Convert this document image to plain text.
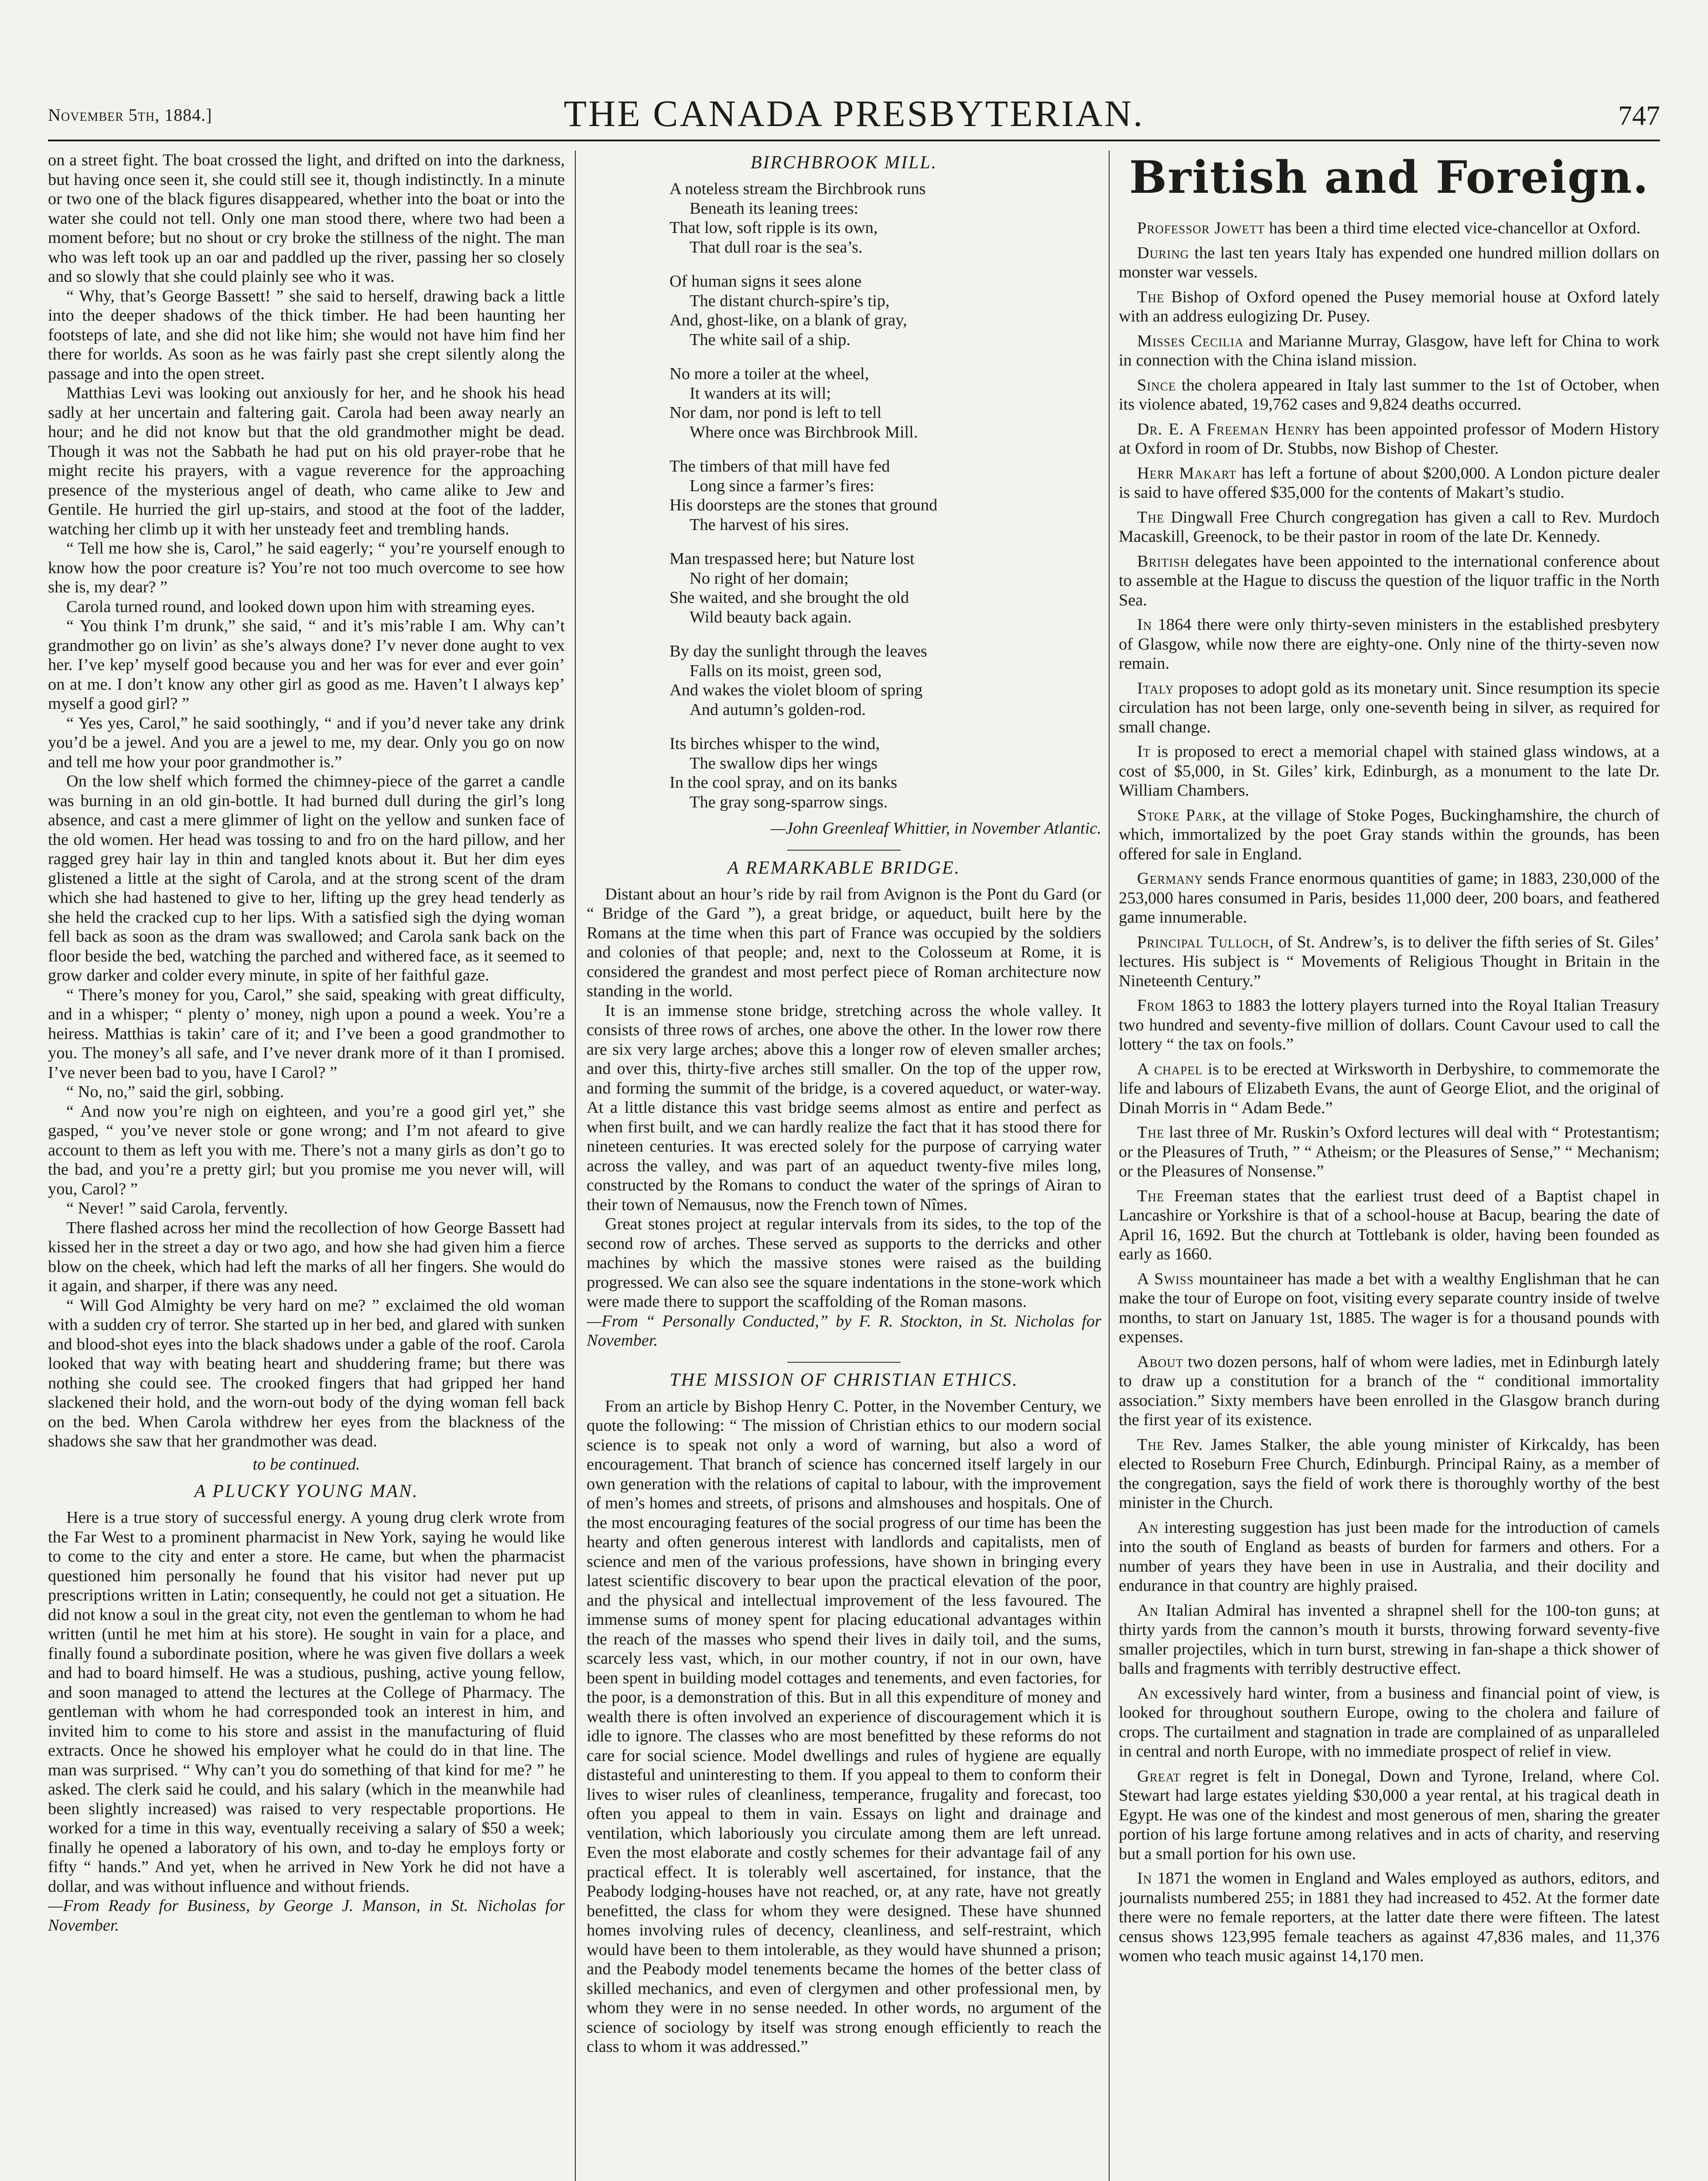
November 5th, 1884.]	THE CANADA PRESBYTERIAN.	747

on a street fight. The boat crossed the light, and drifted on into the darkness, but having once seen it, she could still see it, though indistinctly. In a minute or two one of the black figures disappeared, whether into the boat or into the water she could not tell. Only one man stood there, where two had been a moment before; but no shout or cry broke the stillness of the night. The man who was left took up an oar and paddled up the river, passing her so closely and so slowly that she could plainly see who it was.

“ Why, that’s George Bassett! ” she said to herself, drawing back a little into the deeper shadows of the thick timber. He had been haunting her footsteps of late, and she did not like him; she would not have him find her there for worlds. As soon as he was fairly past she crept silently along the passage and into the open street.

Matthias Levi was looking out anxiously for her, and he shook his head sadly at her uncertain and faltering gait. Carola had been away nearly an hour; and he did not know but that the old grandmother might be dead. Though it was not the Sabbath he had put on his old prayer-robe that he might recite his prayers, with a vague reverence for the approaching presence of the mysterious angel of death, who came alike to Jew and Gentile. He hurried the girl up-stairs, and stood at the foot of the ladder, watching her climb up it with her unsteady feet and trembling hands.

“ Tell me how she is, Carol,” he said eagerly; “ you’re yourself enough to know how the poor creature is? You’re not too much overcome to see how she is, my dear? ”

Carola turned round, and looked down upon him with streaming eyes.

“ You think I’m drunk,” she said, “ and it’s mis’rable I am. Why can’t grandmother go on livin’ as she’s always done? I’v never done aught to vex her. I’ve kep’ myself good because you and her was for ever and ever goin’ on at me. I don’t know any other girl as good as me. Haven’t I always kep’ myself a good girl? ”

“ Yes yes, Carol,” he said soothingly, “ and if you’d never take any drink you’d be a jewel. And you are a jewel to me, my dear. Only you go on now and tell me how your poor grandmother is.”

On the low shelf which formed the chimney-piece of the garret a candle was burning in an old gin-bottle. It had burned dull during the girl’s long absence, and cast a mere glimmer of light on the yellow and sunken face of the old women. Her head was tossing to and fro on the hard pillow, and her ragged grey hair lay in thin and tangled knots about it. But her dim eyes glistened a little at the sight of Carola, and at the strong scent of the dram which she had hastened to give to her, lifting up the grey head tenderly as she held the cracked cup to her lips. With a satisfied sigh the dying woman fell back as soon as the dram was swallowed; and Carola sank back on the floor beside the bed, watching the parched and withered face, as it seemed to grow darker and colder every minute, in spite of her faithful gaze.

“ There’s money for you, Carol,” she said, speaking with great difficulty, and in a whisper; “ plenty o’ money, nigh upon a pound a week. You’re a heiress. Matthias is takin’ care of it; and I’ve been a good grandmother to you. The money’s all safe, and I’ve never drank more of it than I promised. I’ve never been bad to you, have I Carol? ”

“ No, no,” said the girl, sobbing.

“ And now you’re nigh on eighteen, and you’re a good girl yet,” she gasped, “ you’ve never stole or gone wrong; and I’m not afeard to give account to them as left you with me. There’s not a many girls as don’t go to the bad, and you’re a pretty girl; but you promise me you never will, will you, Carol? ”

“ Never! ” said Carola, fervently.

There flashed across her mind the recollection of how George Bassett had kissed her in the street a day or two ago, and how she had given him a fierce blow on the cheek, which had left the marks of all her fingers. She would do it again, and sharper, if there was any need.

“ Will God Almighty be very hard on me? ” exclaimed the old woman with a sudden cry of terror. She started up in her bed, and glared with sunken and blood-shot eyes into the black shadows under a gable of the roof. Carola looked that way with beating heart and shuddering frame; but there was nothing she could see. The crooked fingers that had gripped her hand slackened their hold, and the worn-out body of the dying woman fell back on the bed. When Carola withdrew her eyes from the blackness of the shadows she saw that her grandmother was dead.

to be continued.
A PLUCKY YOUNG MAN.

Here is a true story of successful energy. A young drug clerk wrote from the Far West to a prominent pharmacist in New York, saying he would like to come to the city and enter a store. He came, but when the pharmacist questioned him personally he found that his visitor had never put up prescriptions written in Latin; consequently, he could not get a situation. He did not know a soul in the great city, not even the gentleman to whom he had written (until he met him at his store). He sought in vain for a place, and finally found a subordinate position, where he was given five dollars a week and had to board himself. He was a studious, pushing, active young fellow, and soon managed to attend the lectures at the College of Pharmacy. The gentleman with whom he had corresponded took an interest in him, and invited him to come to his store and assist in the manufacturing of fluid extracts. Once he showed his employer what he could do in that line. The man was surprised. “ Why can’t you do something of that kind for me? ” he asked. The clerk said he could, and his salary (which in the meanwhile had been slightly increased) was raised to very respectable proportions. He worked for a time in this way, eventually receiving a salary of $50 a week; finally he opened a laboratory of his own, and to-day he employs forty or fifty “ hands.” And yet, when he arrived in New York he did not have a dollar, and was without influence and without friends.

—From Ready for Business, by George J. Manson, in St. Nicholas for November.

BIRCHBROOK MILL.
A noteless stream the Birchbrook runs
Beneath its leaning trees:
That low, soft ripple is its own,
That dull roar is the sea’s.
Of human signs it sees alone
The distant church-spire’s tip,
And, ghost-like, on a blank of gray,
The white sail of a ship.
No more a toiler at the wheel,
It wanders at its will;
Nor dam, nor pond is left to tell
Where once was Birchbrook Mill.
The timbers of that mill have fed
Long since a farmer’s fires:
His doorsteps are the stones that ground
The harvest of his sires.
Man trespassed here; but Nature lost
No right of her domain;
She waited, and she brought the old
Wild beauty back again.
By day the sunlight through the leaves
Falls on its moist, green sod,
And wakes the violet bloom of spring
And autumn’s golden-rod.
Its birches whisper to the wind,
The swallow dips her wings
In the cool spray, and on its banks
The gray song-sparrow sings.
—John Greenleaf Whittier, in November Atlantic.
A REMARKABLE BRIDGE.

Distant about an hour’s ride by rail from Avignon is the Pont du Gard (or “ Bridge of the Gard ”), a great bridge, or aqueduct, built here by the Romans at the time when this part of France was occupied by the soldiers and colonies of that people; and, next to the Colosseum at Rome, it is considered the grandest and most perfect piece of Roman architecture now standing in the world.

It is an immense stone bridge, stretching across the whole valley. It consists of three rows of arches, one above the other. In the lower row there are six very large arches; above this a longer row of eleven smaller arches; and over this, thirty-five arches still smaller. On the top of the upper row, and forming the summit of the bridge, is a covered aqueduct, or water-way. At a little distance this vast bridge seems almost as entire and perfect as when first built, and we can hardly realize the fact that it has stood there for nineteen centuries. It was erected solely for the purpose of carrying water across the valley, and was part of an aqueduct twenty-five miles long, constructed by the Romans to conduct the water of the springs of Airan to their town of Nemausus, now the French town of Nîmes.

Great stones project at regular intervals from its sides, to the top of the second row of arches. These served as supports to the derricks and other machines by which the massive stones were raised as the building progressed. We can also see the square indentations in the stone-work which were made there to support the scaffolding of the Roman masons.

—From “ Personally Conducted,” by F. R. Stockton, in St. Nicholas for November.

THE MISSION OF CHRISTIAN ETHICS.

From an article by Bishop Henry C. Potter, in the November Century, we quote the following: “ The mission of Christian ethics to our modern social science is to speak not only a word of warning, but also a word of encouragement. That branch of science has concerned itself largely in our own generation with the relations of capital to labour, with the improvement of men’s homes and streets, of prisons and almshouses and hospitals. One of the most encouraging features of the social progress of our time has been the hearty and often generous interest with landlords and capitalists, men of science and men of the various professions, have shown in bringing every latest scientific discovery to bear upon the practical elevation of the poor, and the physical and intellectual improvement of the less favoured. The immense sums of money spent for placing educational advantages within the reach of the masses who spend their lives in daily toil, and the sums, scarcely less vast, which, in our mother country, if not in our own, have been spent in building model cottages and tenements, and even factories, for the poor, is a demonstration of this. But in all this expenditure of money and wealth there is often involved an experience of discouragement which it is idle to ignore. The classes who are most benefitted by these reforms do not care for social science. Model dwellings and rules of hygiene are equally distasteful and uninteresting to them. If you appeal to them to conform their lives to wiser rules of cleanliness, temperance, frugality and forecast, too often you appeal to them in vain. Essays on light and drainage and ventilation, which laboriously you circulate among them are left unread. Even the most elaborate and costly schemes for their advantage fail of any practical effect. It is tolerably well ascertained, for instance, that the Peabody lodging-houses have not reached, or, at any rate, have not greatly benefitted, the class for whom they were designed. These have shunned homes involving rules of decency, cleanliness, and self-restraint, which would have been to them intolerable, as they would have shunned a prison; and the Peabody model tenements became the homes of the better class of skilled mechanics, and even of clergymen and other professional men, by whom they were in no sense needed. In other words, no argument of the science of sociology by itself was strong enough efficiently to reach the class to whom it was addressed.”

British and Foreign.

Professor Jowett has been a third time elected vice-chancellor at Oxford.

During the last ten years Italy has expended one hundred million dollars on monster war vessels.

The Bishop of Oxford opened the Pusey memorial house at Oxford lately with an address eulogizing Dr. Pusey.

Misses Cecilia and Marianne Murray, Glasgow, have left for China to work in connection with the China island mission.

Since the cholera appeared in Italy last summer to the 1st of October, when its violence abated, 19,762 cases and 9,824 deaths occurred.

Dr. E. A Freeman Henry has been appointed professor of Modern History at Oxford in room of Dr. Stubbs, now Bishop of Chester.

Herr Makart has left a fortune of about $200,000. A London picture dealer is said to have offered $35,000 for the contents of Makart’s studio.

The Dingwall Free Church congregation has given a call to Rev. Murdoch Macaskill, Greenock, to be their pastor in room of the late Dr. Kennedy.

British delegates have been appointed to the international conference about to assemble at the Hague to discuss the question of the liquor traffic in the North Sea.

In 1864 there were only thirty-seven ministers in the established presbytery of Glasgow, while now there are eighty-one. Only nine of the thirty-seven now remain.

Italy proposes to adopt gold as its monetary unit. Since resumption its specie circulation has not been large, only one-seventh being in silver, as required for small change.

It is proposed to erect a memorial chapel with stained glass windows, at a cost of $5,000, in St. Giles’ kirk, Edinburgh, as a monument to the late Dr. William Chambers.

Stoke Park, at the village of Stoke Poges, Buckinghamshire, the church of which, immortalized by the poet Gray stands within the grounds, has been offered for sale in England.

Germany sends France enormous quantities of game; in 1883, 230,000 of the 253,000 hares consumed in Paris, besides 11,000 deer, 200 boars, and feathered game innumerable.

Principal Tulloch, of St. Andrew’s, is to deliver the fifth series of St. Giles’ lectures. His subject is “ Movements of Religious Thought in Britain in the Nineteenth Century.”

From 1863 to 1883 the lottery players turned into the Royal Italian Treasury two hundred and seventy-five million of dollars. Count Cavour used to call the lottery “ the tax on fools.”

A chapel is to be erected at Wirksworth in Derbyshire, to commemorate the life and labours of Elizabeth Evans, the aunt of George Eliot, and the original of Dinah Morris in “ Adam Bede.”

The last three of Mr. Ruskin’s Oxford lectures will deal with “ Protestantism; or the Pleasures of Truth, ” “ Atheism; or the Pleasures of Sense,” “ Mechanism; or the Pleasures of Nonsense.”

The Freeman states that the earliest trust deed of a Baptist chapel in Lancashire or Yorkshire is that of a school-house at Bacup, bearing the date of April 16, 1692. But the church at Tottlebank is older, having been founded as early as 1660.

A Swiss mountaineer has made a bet with a wealthy Englishman that he can make the tour of Europe on foot, visiting every separate country inside of twelve months, to start on January 1st, 1885. The wager is for a thousand pounds with expenses.

About two dozen persons, half of whom were ladies, met in Edinburgh lately to draw up a constitution for a branch of the “ conditional immortality association.” Sixty members have been enrolled in the Glasgow branch during the first year of its existence.

The Rev. James Stalker, the able young minister of Kirkcaldy, has been elected to Roseburn Free Church, Edinburgh. Principal Rainy, as a member of the congregation, says the field of work there is thoroughly worthy of the best minister in the Church.

An interesting suggestion has just been made for the introduction of camels into the south of England as beasts of burden for farmers and others. For a number of years they have been in use in Australia, and their docility and endurance in that country are highly praised.

An Italian Admiral has invented a shrapnel shell for the 100-ton guns; at thirty yards from the cannon’s mouth it bursts, throwing forward seventy-five smaller projectiles, which in turn burst, strewing in fan-shape a thick shower of balls and fragments with terribly destructive effect.

An excessively hard winter, from a business and financial point of view, is looked for throughout southern Europe, owing to the cholera and failure of crops. The curtailment and stagnation in trade are complained of as unparalleled in central and north Europe, with no immediate prospect of relief in view.

Great regret is felt in Donegal, Down and Tyrone, Ireland, where Col. Stewart had large estates yielding $30,000 a year rental, at his tragical death in Egypt. He was one of the kindest and most generous of men, sharing the greater portion of his large fortune among relatives and in acts of charity, and reserving but a small portion for his own use.

In 1871 the women in England and Wales employed as authors, editors, and journalists numbered 255; in 1881 they had increased to 452. At the former date there were no female reporters, at the latter date there were fifteen. The latest census shows 123,995 female teachers as against 47,836 males, and 11,376 women who teach music against 14,170 men.
